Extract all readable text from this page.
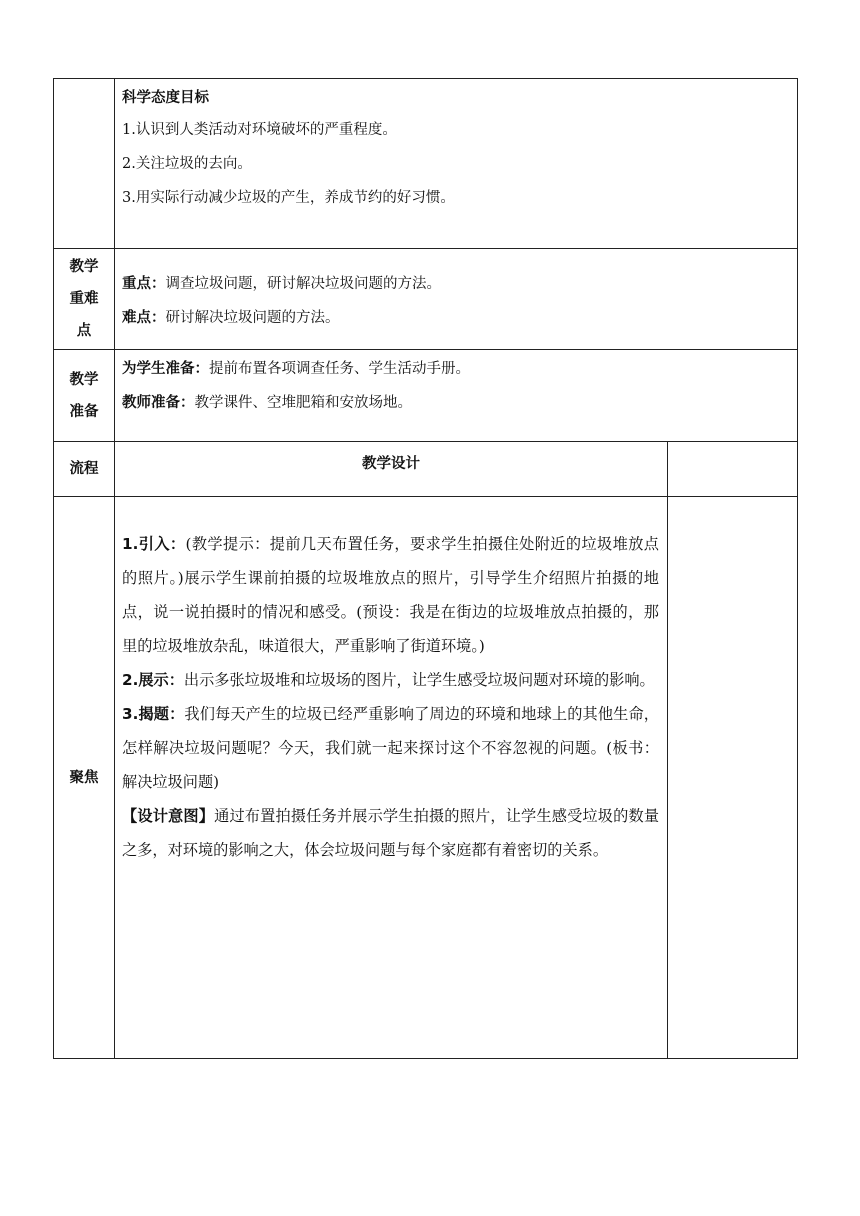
	科学态度目标
1.认识到人类活动对环境破坏的严重程度。
2.关注垃圾的去向。
3.用实际行动减少垃圾的产生，养成节约的好习惯。	

教学
重难
点	重点：调查垃圾问题，研讨解决垃圾问题的方法。
难点：研讨解决垃圾问题的方法。	

教学
准备	为学生准备：提前布置各项调查任务、学生活动手册。
教师准备：教学课件、空堆肥箱和安放场地。	

流程	教学设计	
聚焦	1.引入：(教学提示：提前几天布置任务，要求学生拍摄住处附近的垃圾堆放点的照片。)展示学生课前拍摄的垃圾堆放点的照片，引导学生介绍照片拍摄的地点，说一说拍摄时的情况和感受。(预设：我是在街边的垃圾堆放点拍摄的，那里的垃圾堆放杂乱，味道很大，严重影响了街道环境。)

2.展示：出示多张垃圾堆和垃圾场的图片，让学生感受垃圾问题对环境的影响。

3.揭题：我们每天产生的垃圾已经严重影响了周边的环境和地球上的其他生命，怎样解决垃圾问题呢？今天，我们就一起来探讨这个不容忽视的问题。(板书：解决垃圾问题)

【设计意图】通过布置拍摄任务并展示学生拍摄的照片，让学生感受垃圾的数量之多，对环境的影响之大，体会垃圾问题与每个家庭都有着密切的关系。	
